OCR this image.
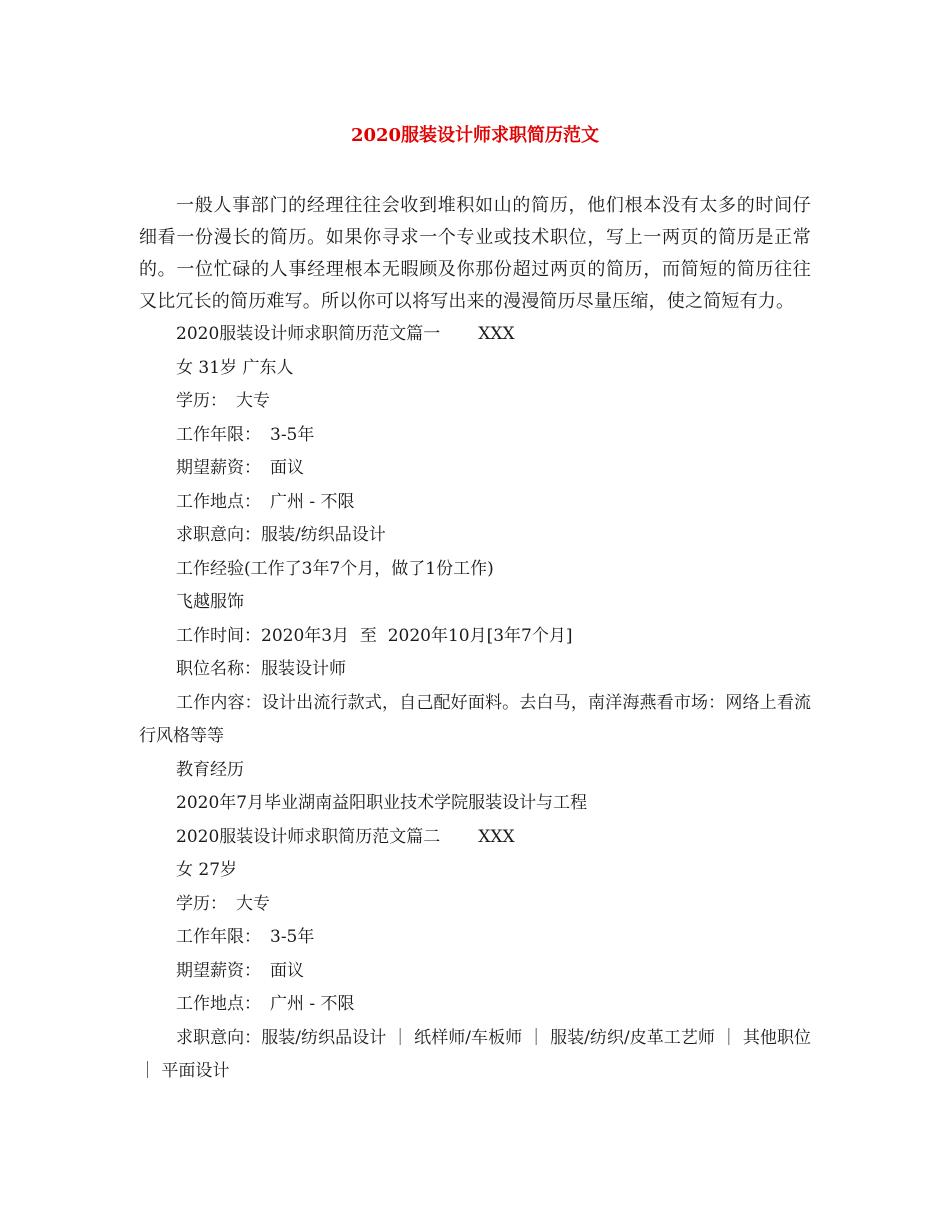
2020服装设计师求职简历范文

一般人事部门的经理往往会收到堆积如山的简历，他们根本没有太多的时间仔细看一份漫长的简历。如果你寻求一个专业或技术职位，写上一两页的简历是正常的。一位忙碌的人事经理根本无暇顾及你那份超过两页的简历，而简短的简历往往又比冗长的简历难写。所以你可以将写出来的漫漫简历尽量压缩，使之简短有力。

2020服装设计师求职简历范文篇一 XXX

女 31岁 广东人

学历： 大专

工作年限： 3-5年

期望薪资： 面议

工作地点： 广州 - 不限

求职意向：服装/纺织品设计

工作经验(工作了3年7个月，做了1份工作)

飞越服饰

工作时间：2020年3月  至  2020年10月[3年7个月]

职位名称：服装设计师

工作内容：设计出流行款式，自己配好面料。去白马，南洋海燕看市场：网络上看流行风格等等

教育经历

2020年7月毕业湖南益阳职业技术学院服装设计与工程

2020服装设计师求职简历范文篇二 XXX

女 27岁

学历： 大专

工作年限： 3-5年

期望薪资： 面议

工作地点： 广州 - 不限

求职意向：服装/纺织品设计 ｜ 纸样师/车板师 ｜ 服装/纺织/皮革工艺师 ｜ 其他职位 ｜ 平面设计
